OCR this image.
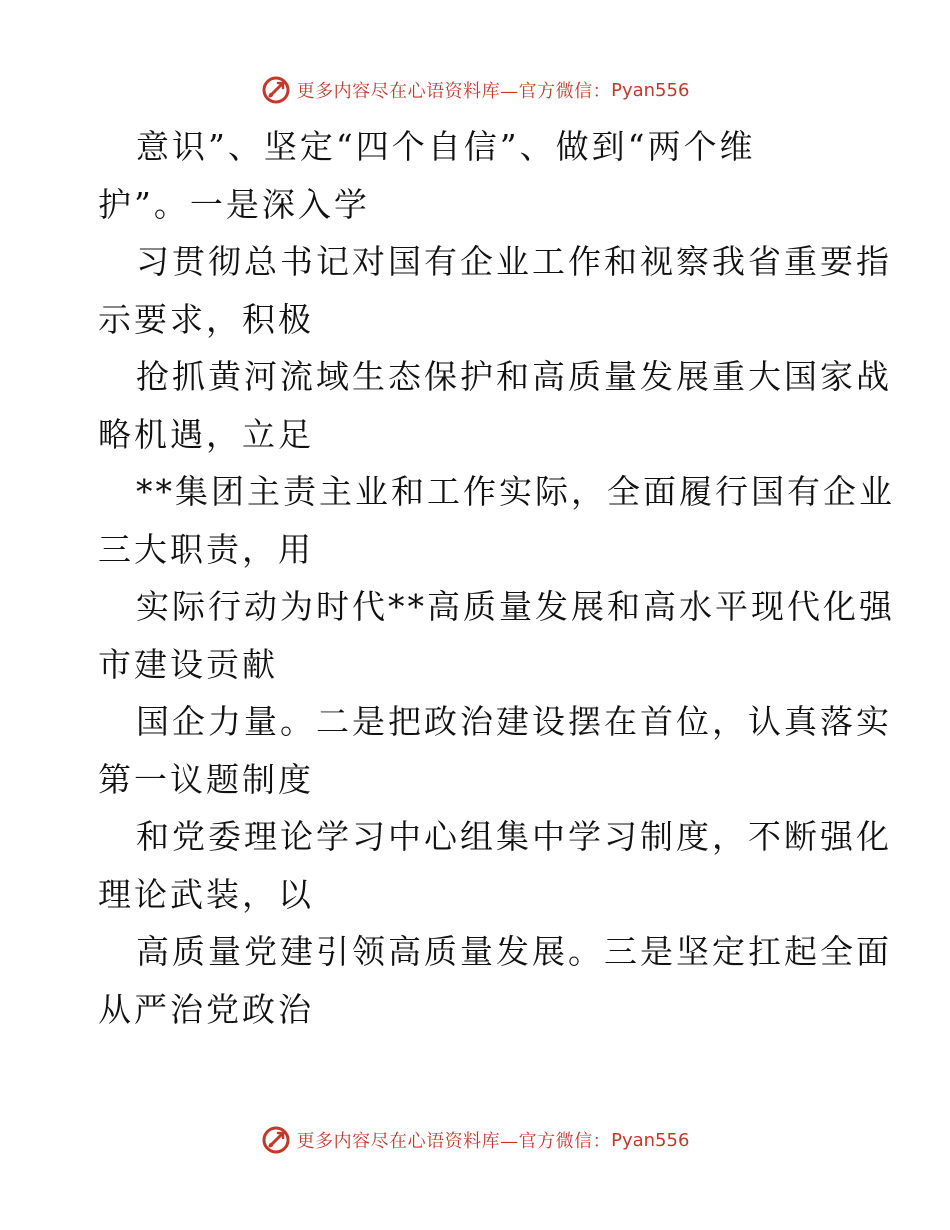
更多内容尽在心语资料库—官方微信： Pyan556
意识”、坚定“四个自信”、做到“两个维
护”。一是深入学
习贯彻总书记对国有企业工作和视察我省重要指
示要求，积极
抢抓黄河流域生态保护和高质量发展重大国家战
略机遇，立足
**集团主责主业和工作实际，全面履行国有企业
三大职责，用
实际行动为时代**高质量发展和高水平现代化强
市建设贡献
国企力量。二是把政治建设摆在首位，认真落实
第一议题制度
和党委理论学习中心组集中学习制度，不断强化
理论武装，以
高质量党建引领高质量发展。三是坚定扛起全面
从严治党政治
更多内容尽在心语资料库—官方微信： Pyan556
